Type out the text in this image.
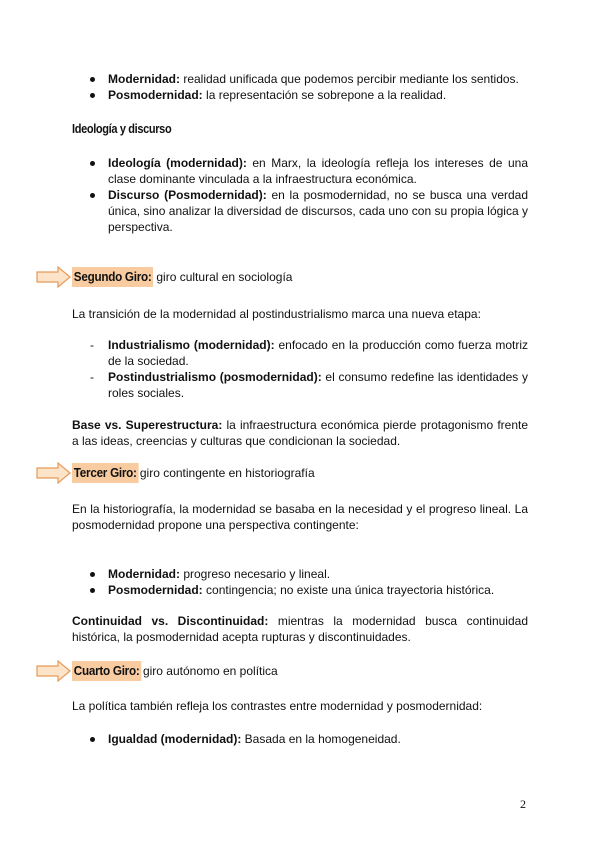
Modernidad: realidad unificada que podemos percibir mediante los sentidos.
Posmodernidad: la representación se sobrepone a la realidad.
Ideología y discurso
Ideología (modernidad): en Marx, la ideología refleja los intereses de una clase dominante vinculada a la infraestructura económica.
Discurso (Posmodernidad): en la posmodernidad, no se busca una verdad única, sino analizar la diversidad de discursos, cada uno con su propia lógica y perspectiva.
Segundo Giro: giro cultural en sociología

La transición de la modernidad al postindustrialismo marca una nueva etapa:

- Industrialismo (modernidad): enfocado en la producción como fuerza motriz de la sociedad.
- Postindustrialismo (posmodernidad): el consumo redefine las identidades y roles sociales.

Base vs. Superestructura: la infraestructura económica pierde protagonismo frente a las ideas, creencias y culturas que condicionan la sociedad.

Tercer Giro: giro contingente en historiografía

En la historiografía, la modernidad se basaba en la necesidad y el progreso lineal. La posmodernidad propone una perspectiva contingente:

Modernidad: progreso necesario y lineal.
Posmodernidad: contingencia; no existe una única trayectoria histórica.

Continuidad vs. Discontinuidad: mientras la modernidad busca continuidad histórica, la posmodernidad acepta rupturas y discontinuidades.

Cuarto Giro: giro autónomo en política

La política también refleja los contrastes entre modernidad y posmodernidad:

Igualdad (modernidad): Basada en la homogeneidad.
2
